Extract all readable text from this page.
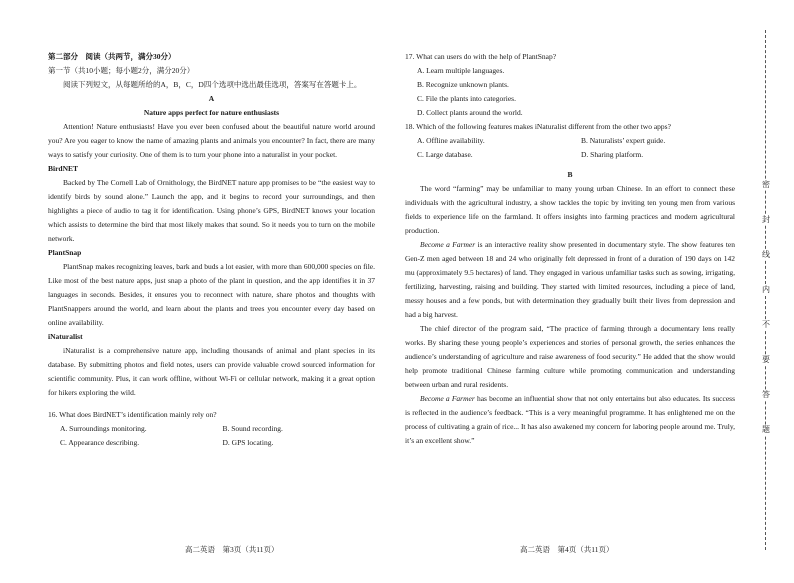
第二部分　阅读（共两节，满分30分）

第一节（共10小题；每小题2分，满分20分）

阅读下列短文，从每题所给的A，B，C，D四个选项中选出最佳选项，答案写在答题卡上。

A

Nature apps perfect for nature enthusiasts

Attention! Nature enthusiasts! Have you ever been confused about the beautiful nature world around you? Are you eager to know the name of amazing plants and animals you encounter? In fact, there are many ways to satisfy your curiosity. One of them is to turn your phone into a naturalist in your pocket.

BirdNET

Backed by The Cornell Lab of Ornithology, the BirdNET nature app promises to be “the easiest way to identify birds by sound alone.” Launch the app, and it begins to record your surroundings, and then highlights a piece of audio to tag it for identification. Using phone’s GPS, BirdNET knows your location which assists to determine the bird that most likely makes that sound. So it needs you to turn on the mobile network.

PlantSnap

PlantSnap makes recognizing leaves, bark and buds a lot easier, with more than 600,000 species on file. Like most of the best nature apps, just snap a photo of the plant in question, and the app identifies it in 37 languages in seconds. Besides, it ensures you to reconnect with nature, share photos and thoughts with PlantSnappers around the world, and learn about the plants and trees you encounter every day based on online availability.

iNaturalist

iNaturalist is a comprehensive nature app, including thousands of animal and plant species in its database. By submitting photos and field notes, users can provide valuable crowd sourced information for scientific community. Plus, it can work offline, without Wi-Fi or cellular network, making it a great option for hikers exploring the wild.

16. What does BirdNET’s identification mainly rely on?

A. Surroundings monitoring.	B. Sound recording.
C. Appearance describing.	D. GPS locating.

17. What can users do with the help of PlantSnap?

A. Learn multiple languages.

B. Recognize unknown plants.

C. File the plants into categories.

D. Collect plants around the world.

18. Which of the following features makes iNaturalist different from the other two apps?

A. Offline availability.	B. Naturalists’ expert guide.
C. Large database.	D. Sharing platform.

B

The word “farming” may be unfamiliar to many young urban Chinese. In an effort to connect these individuals with the agricultural industry, a show tackles the topic by inviting ten young men from various fields to experience life on the farmland. It offers insights into farming practices and modern agricultural production.

Become a Farmer is an interactive reality show presented in documentary style. The show features ten Gen-Z men aged between 18 and 24 who originally felt depressed in front of a duration of 190 days on 142 mu (approximately 9.5 hectares) of land. They engaged in various unfamiliar tasks such as sowing, irrigating, fertilizing, harvesting, raising and building. They started with limited resources, including a piece of land, messy houses and a few ponds, but with determination they gradually built their lives from depression and had a big harvest.

The chief director of the program said, “The practice of farming through a documentary lens really works. By sharing these young people’s experiences and stories of personal growth, the series enhances the audience’s understanding of agriculture and raise awareness of food security.” He added that the show would help promote traditional Chinese farming culture while promoting communication and understanding between urban and rural residents.

Become a Farmer has become an influential show that not only entertains but also educates. Its success is reflected in the audience’s feedback. “This is a very meaningful programme. It has enlightened me on the process of cultivating a grain of rice... It has also awakened my concern for laboring people around me. Truly, it’s an excellent show.”

高二英语　第3页（共11页）	高二英语　第4页（共11页）
密
封
线
内
不
要
答
题
